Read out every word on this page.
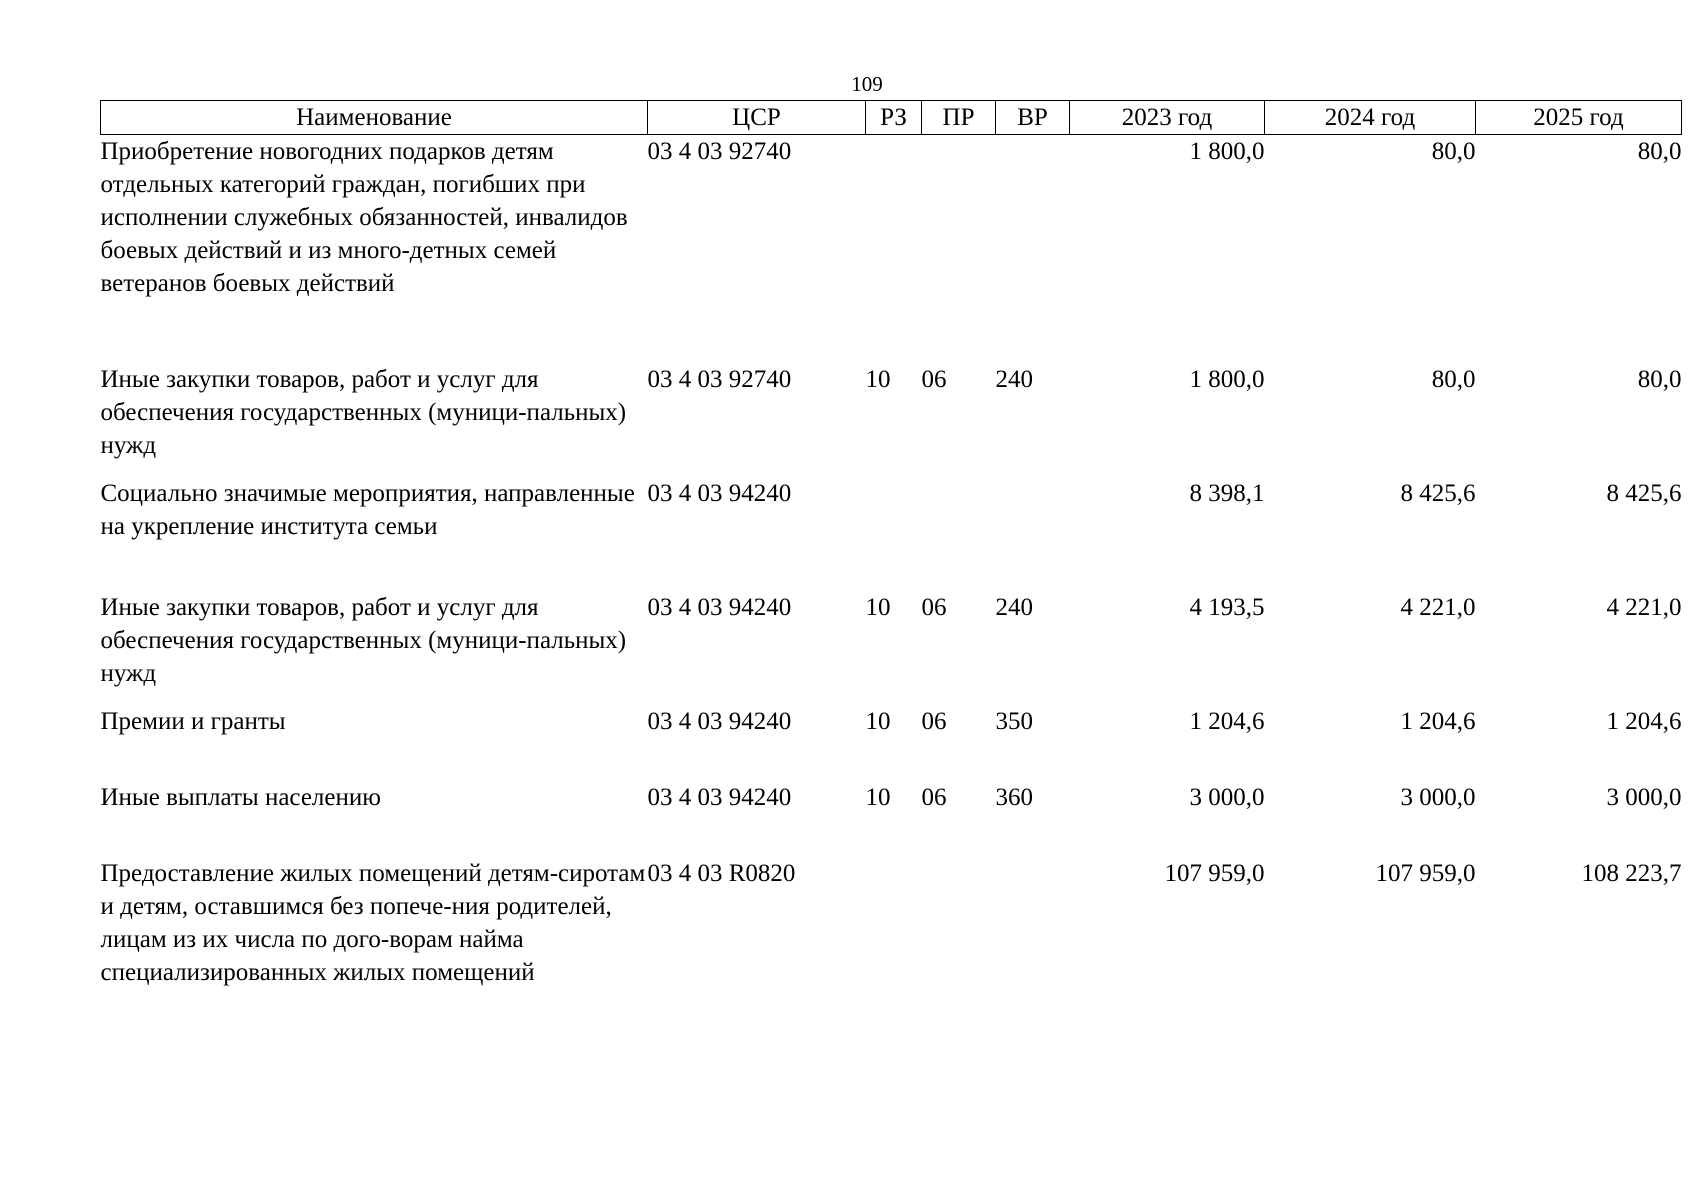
109
Наименование	ЦСР	РЗ	ПР	ВР	2023 год	2024 год	2025 год
Приобретение новогодних подарков детям отдельных категорий граждан, погибших при исполнении служебных обязанностей, инвалидов боевых действий и из много-детных семей ветеранов боевых действий	03 4 03 92740				1 800,0	80,0	80,0
Иные закупки товаров, работ и услуг для обеспечения государственных (муници-пальных) нужд	03 4 03 92740	10	06	240	1 800,0	80,0	80,0
Социально значимые мероприятия, направленные на укрепление института семьи	03 4 03 94240				8 398,1	8 425,6	8 425,6
Иные закупки товаров, работ и услуг для обеспечения государственных (муници-пальных) нужд	03 4 03 94240	10	06	240	4 193,5	4 221,0	4 221,0
Премии и гранты	03 4 03 94240	10	06	350	1 204,6	1 204,6	1 204,6
Иные выплаты населению	03 4 03 94240	10	06	360	3 000,0	3 000,0	3 000,0
Предоставление жилых помещений детям-сиротам и детям, оставшимся без попече-ния родителей, лицам из их числа по дого-ворам найма специализированных жилых помещений	03 4 03 R0820				107 959,0	107 959,0	108 223,7
